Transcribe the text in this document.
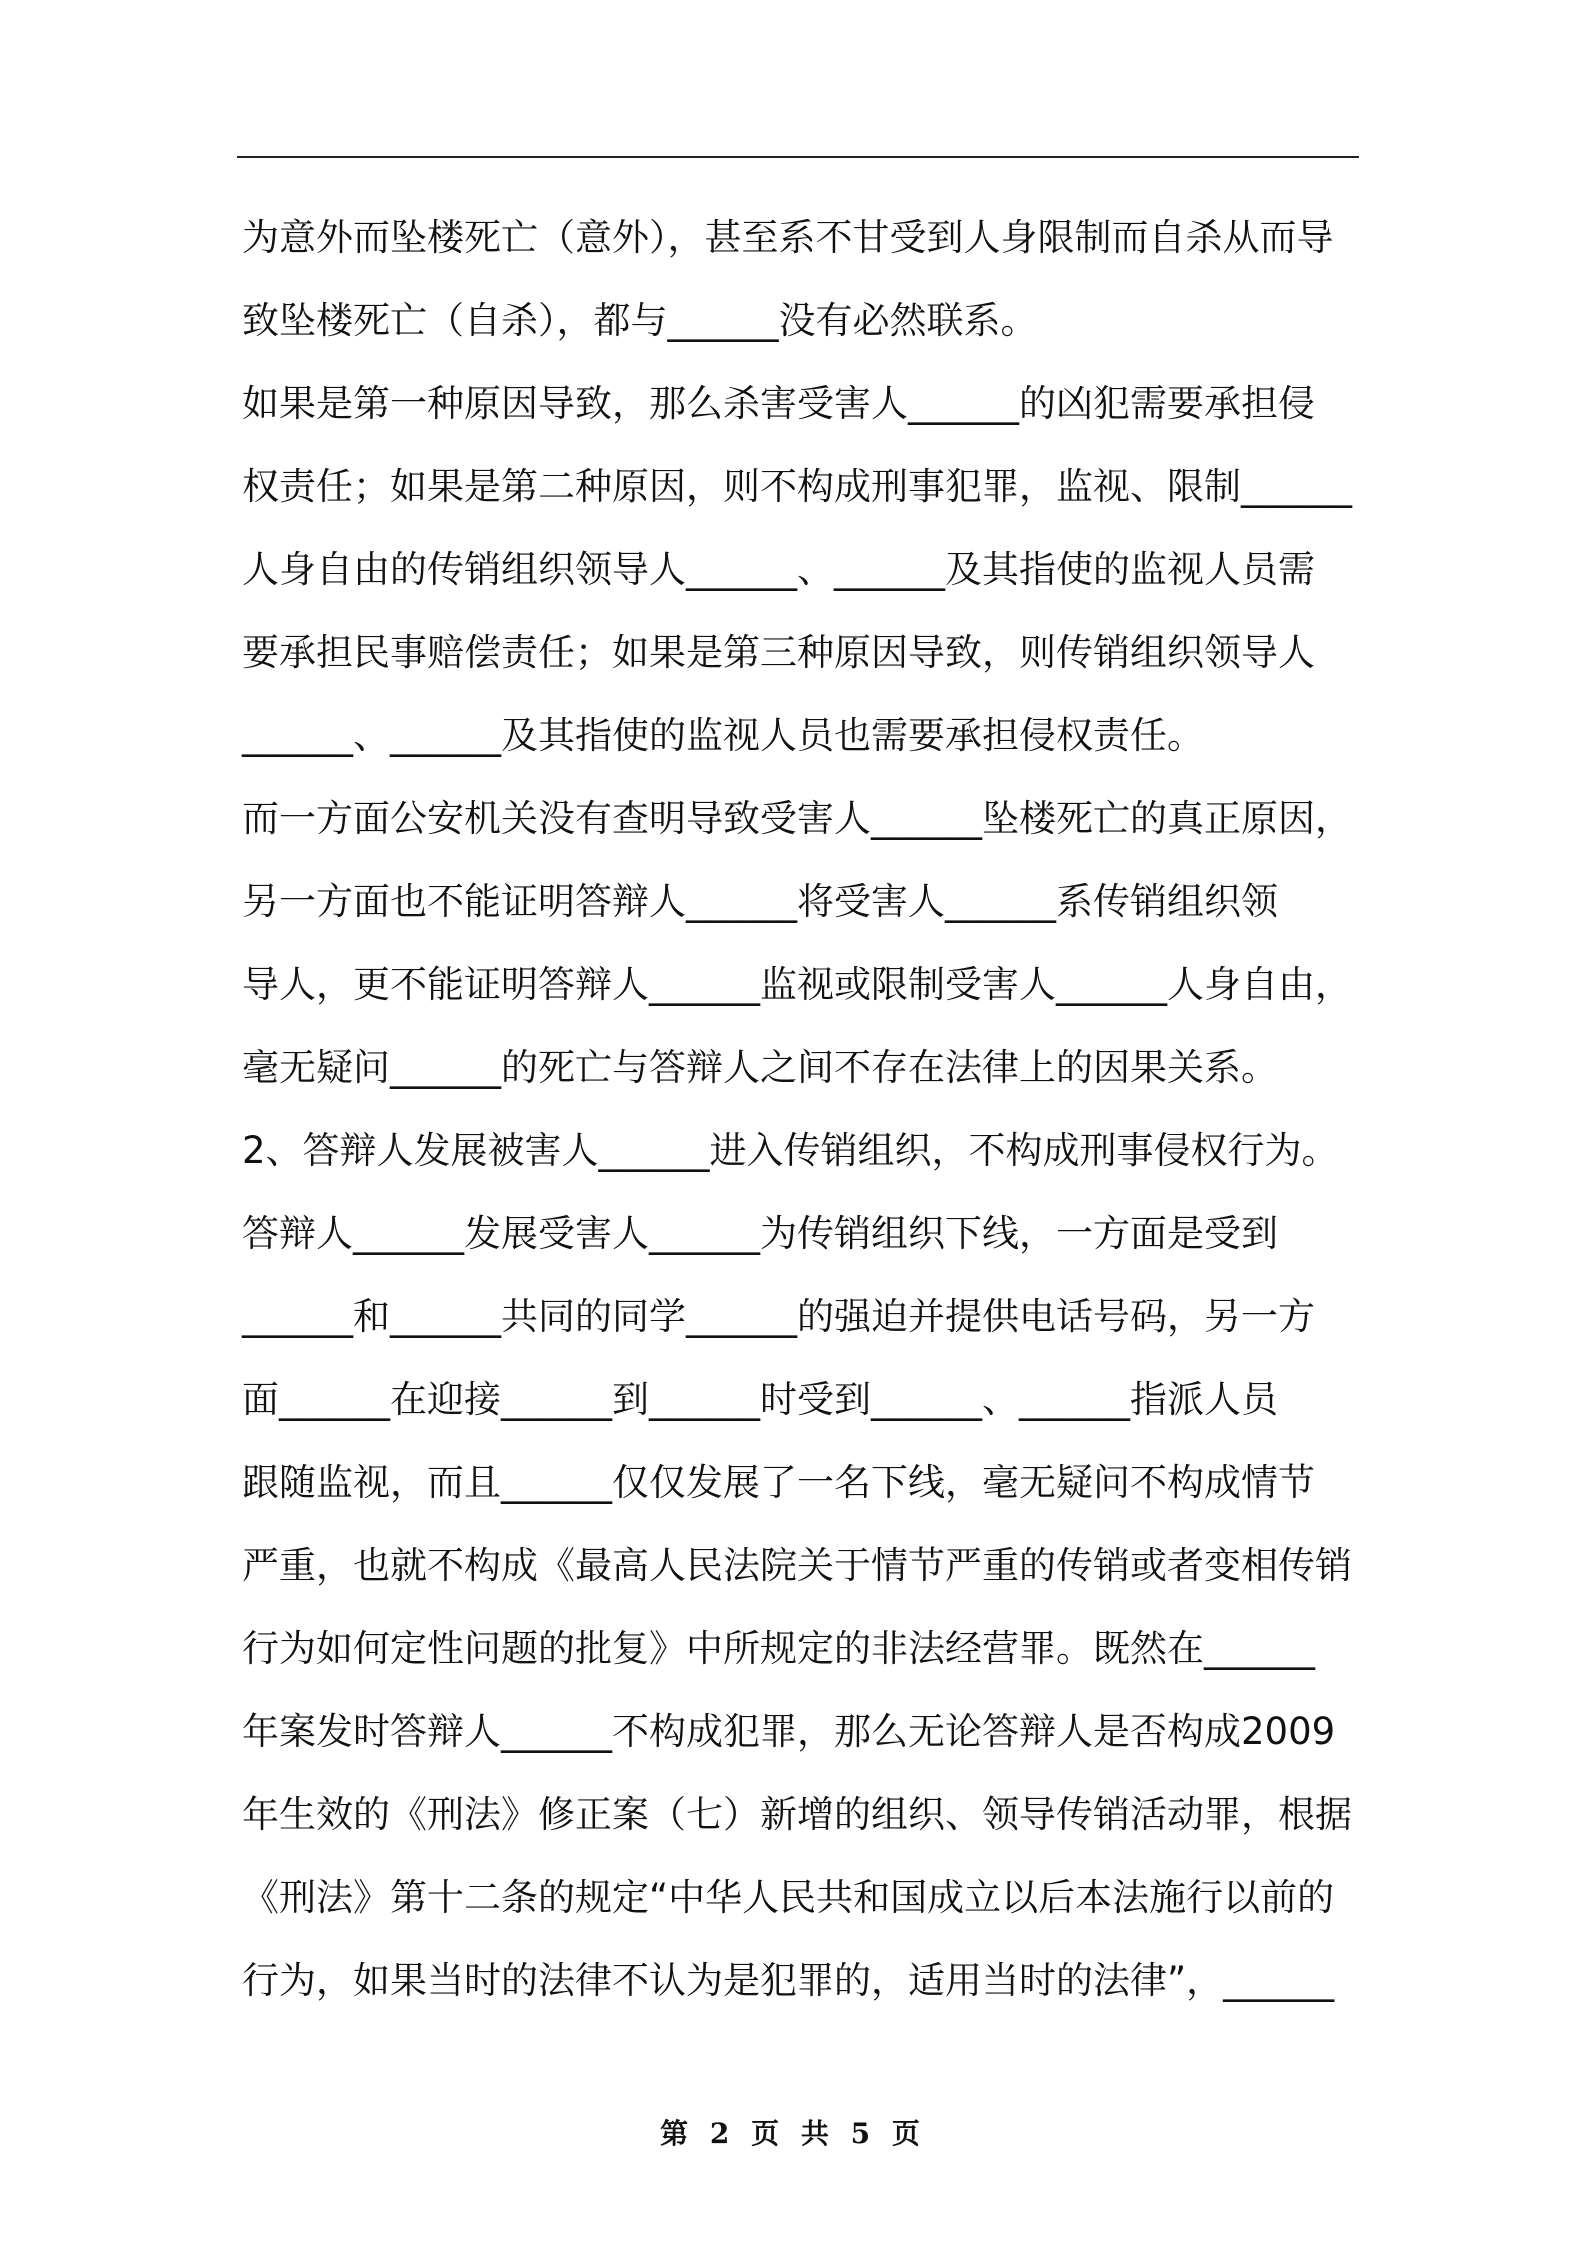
为意外而坠楼死亡（意外），甚至系不甘受到人身限制而自杀从而导
致坠楼死亡（自杀），都与______没有必然联系。
如果是第一种原因导致，那么杀害受害人______的凶犯需要承担侵
权责任；如果是第二种原因，则不构成刑事犯罪，监视、限制______
人身自由的传销组织领导人______、______及其指使的监视人员需
要承担民事赔偿责任；如果是第三种原因导致，则传销组织领导人
______、______及其指使的监视人员也需要承担侵权责任。
而一方面公安机关没有查明导致受害人______坠楼死亡的真正原因，
另一方面也不能证明答辩人______将受害人______系传销组织领
导人，更不能证明答辩人______监视或限制受害人______人身自由，
毫无疑问______的死亡与答辩人之间不存在法律上的因果关系。
2、答辩人发展被害人______进入传销组织，不构成刑事侵权行为。
答辩人______发展受害人______为传销组织下线，一方面是受到
______和______共同的同学______的强迫并提供电话号码，另一方
面______在迎接______到______时受到______、______指派人员
跟随监视，而且______仅仅发展了一名下线，毫无疑问不构成情节
严重，也就不构成《最高人民法院关于情节严重的传销或者变相传销
行为如何定性问题的批复》中所规定的非法经营罪。既然在______
年案发时答辩人______不构成犯罪，那么无论答辩人是否构成2009
年生效的《刑法》修正案（七）新增的组织、领导传销活动罪，根据
《刑法》第十二条的规定“中华人民共和国成立以后本法施行以前的
行为，如果当时的法律不认为是犯罪的，适用当时的法律”，______
第 2 页 共 5 页
